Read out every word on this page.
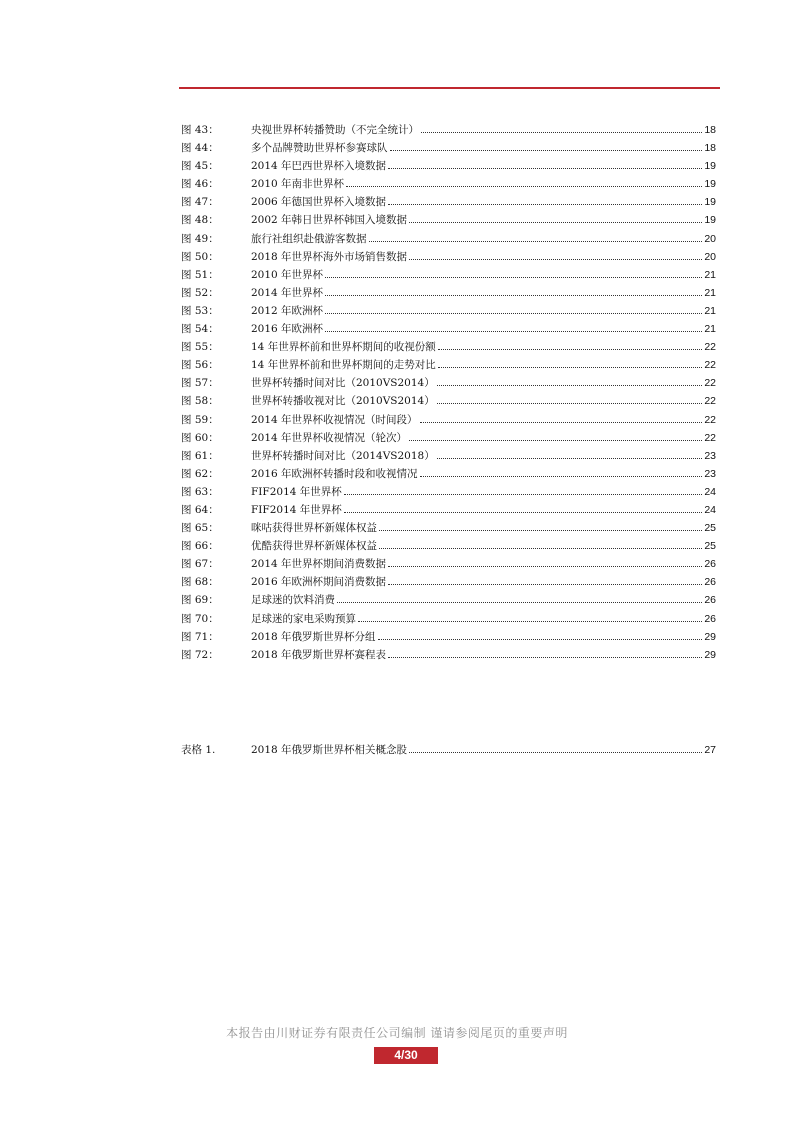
图 43：	央视世界杯转播赞助（不完全统计）	18
图 44：	多个品牌赞助世界杯参赛球队	18
图 45：	2014 年巴西世界杯入境数据	19
图 46：	2010 年南非世界杯	19
图 47：	2006 年德国世界杯入境数据	19
图 48：	2002 年韩日世界杯韩国入境数据	19
图 49：	旅行社组织赴俄游客数据	20
图 50：	2018 年世界杯海外市场销售数据	20
图 51：	2010 年世界杯	21
图 52：	2014 年世界杯	21
图 53：	2012 年欧洲杯	21
图 54：	2016 年欧洲杯	21
图 55：	14 年世界杯前和世界杯期间的收视份额	22
图 56：	14 年世界杯前和世界杯期间的走势对比	22
图 57：	世界杯转播时间对比（2010VS2014）	22
图 58：	世界杯转播收视对比（2010VS2014）	22
图 59：	2014 年世界杯收视情况（时间段）	22
图 60：	2014 年世界杯收视情况（轮次）	22
图 61：	世界杯转播时间对比（2014VS2018）	23
图 62：	2016 年欧洲杯转播时段和收视情况	23
图 63：	FIF2014 年世界杯	24
图 64：	FIF2014 年世界杯	24
图 65：	咪咕获得世界杯新媒体权益	25
图 66：	优酷获得世界杯新媒体权益	25
图 67：	2014 年世界杯期间消费数据	26
图 68：	2016 年欧洲杯期间消费数据	26
图 69：	足球迷的饮料消费	26
图 70：	足球迷的家电采购预算	26
图 71：	2018 年俄罗斯世界杯分组	29
图 72：	2018 年俄罗斯世界杯赛程表	29
表格 1.	2018 年俄罗斯世界杯相关概念股	27
本报告由川财证券有限责任公司编制 谨请参阅尾页的重要声明
4/30
